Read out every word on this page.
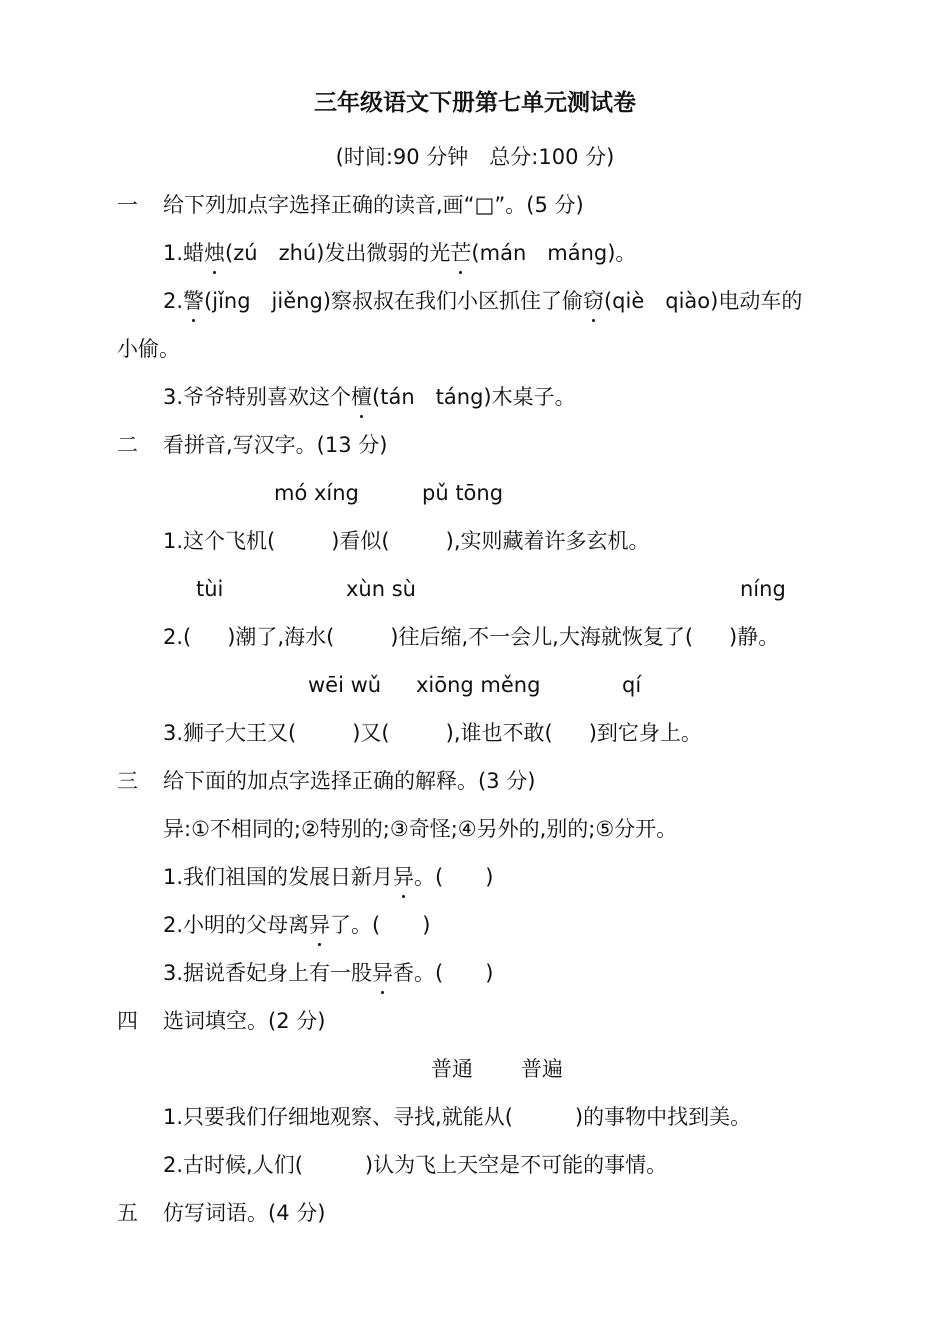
三年级语文下册第七单元测试卷
(时间:90 分钟　总分:100 分)
一 给下列加点字选择正确的读音,画“□”。(5 分)
1.蜡烛(zú　zhú)发出微弱的光芒(mán　máng)。
2.警(jǐng　jiěng)察叔叔在我们小区抓住了偷窃(qiè　qiào)电动车的
小偷。
3.爷爷特别喜欢这个檀(tán　táng)木桌子。
二 看拼音,写汉字。(13 分)
mó xíng	pǔ tōng
1.这个飞机(	)看似(	),实则藏着许多玄机。
tùi	xùn sù	níng
2.( )潮了,海水(	)往后缩,不一会儿,大海就恢复了( )静。
wēi wǔ xiōng měng	qí
3.狮子大王又(	)又(	),谁也不敢( )到它身上。
三 给下面的加点字选择正确的解释。(3 分)
异:①不相同的;②特别的;③奇怪;④另外的,别的;⑤分开。
1.我们祖国的发展日新月异。(　　)
2.小明的父母离异了。(　　)
3.据说香妃身上有一股异香。(　　)
四 选词填空。(2 分)
普通 普遍
1.只要我们仔细地观察、寻找,就能从(	)的事物中找到美。
2.古时候,人们(	)认为飞上天空是不可能的事情。
五 仿写词语。(4 分)
